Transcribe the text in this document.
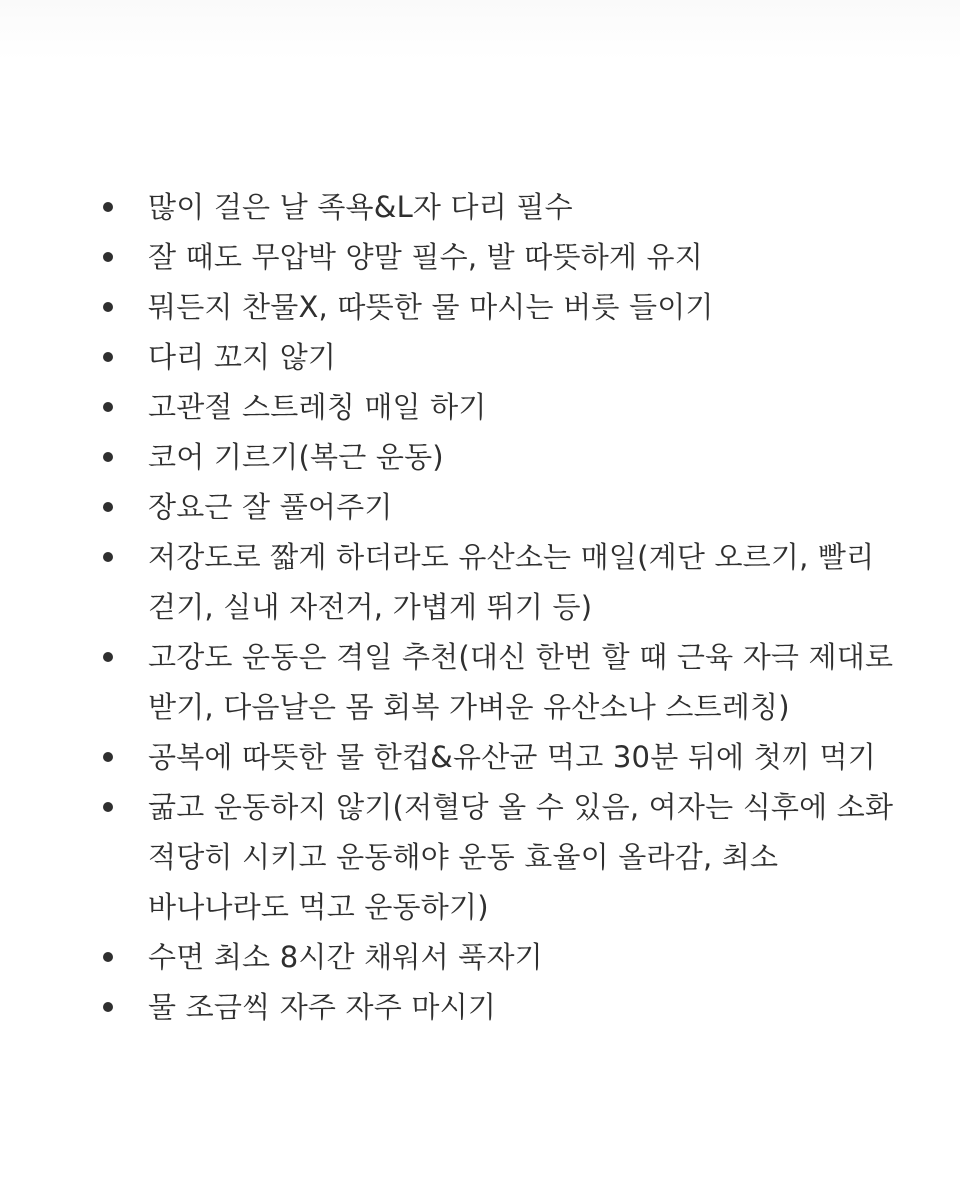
많이 걸은 날 족욕&L자 다리 필수
잘 때도 무압박 양말 필수, 발 따뜻하게 유지
뭐든지 찬물X, 따뜻한 물 마시는 버릇 들이기
다리 꼬지 않기
고관절 스트레칭 매일 하기
코어 기르기(복근 운동)
장요근 잘 풀어주기
저강도로 짧게 하더라도 유산소는 매일(계단 오르기, 빨리 걷기, 실내 자전거, 가볍게 뛰기 등)
고강도 운동은 격일 추천(대신 한번 할 때 근육 자극 제대로 받기, 다음날은 몸 회복 가벼운 유산소나 스트레칭)
공복에 따뜻한 물 한컵&유산균 먹고 30분 뒤에 첫끼 먹기
굶고 운동하지 않기(저혈당 올 수 있음, 여자는 식후에 소화 적당히 시키고 운동해야 운동 효율이 올라감, 최소 바나나라도 먹고 운동하기)
수면 최소 8시간 채워서 푹자기
물 조금씩 자주 자주 마시기
